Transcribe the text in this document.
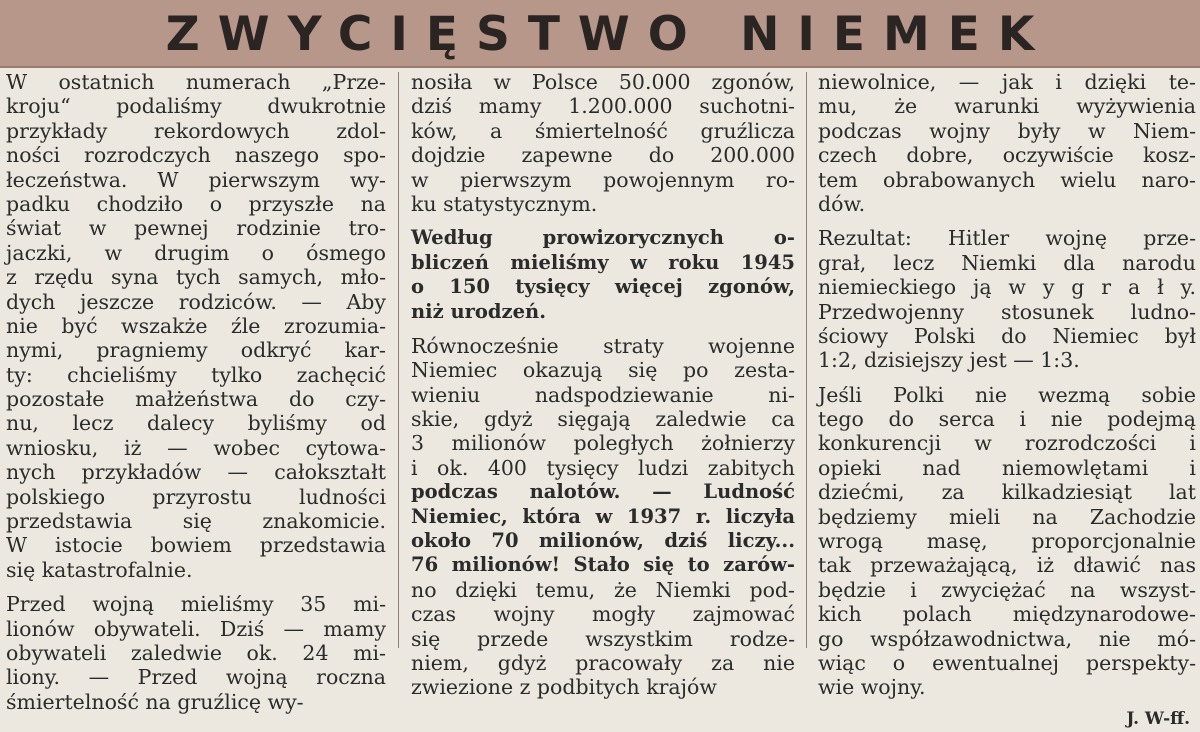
ZWYCIĘSTWO NIEMEK
W ostatnich numerach „Prze-
kroju“ podaliśmy dwukrotnie
przykłady rekordowych zdol-
ności rozrodczych naszego spo-
łeczeństwa. W pierwszym wy-
padku chodziło o przyszłe na
świat w pewnej rodzinie tro-
jaczki, w drugim o ósmego
z rzędu syna tych samych, mło-
dych jeszcze rodziców. — Aby
nie być wszakże źle zrozumia-
nymi, pragniemy odkryć kar-
ty: chcieliśmy tylko zachęcić
pozostałe małżeństwa do czy-
nu, lecz dalecy byliśmy od
wniosku, iż — wobec cytowa-
nych przykładów — całokształt
polskiego przyrostu ludności
przedstawia się znakomicie.
W istocie bowiem przedstawia
się katastrofalnie.
Przed wojną mieliśmy 35 mi-
lionów obywateli. Dziś — mamy
obywateli zaledwie ok. 24 mi-
liony. — Przed wojną roczna
śmiertelność na gruźlicę wy-
nosiła w Polsce 50.000 zgonów,
dziś mamy 1.200.000 suchotni-
ków, a śmiertelność gruźlicza
dojdzie zapewne do 200.000
w pierwszym powojennym ro-
ku statystycznym.
Według prowizorycznych o-
bliczeń mieliśmy w roku 1945
o 150 tysięcy więcej zgonów,
niż urodzeń.
Równocześnie straty wojenne
Niemiec okazują się po zesta-
wieniu nadspodziewanie ni-
skie, gdyż sięgają zaledwie ca
3 milionów poległych żołnierzy
i ok. 400 tysięcy ludzi zabitych
podczas nalotów. — Ludność
Niemiec, która w 1937 r. liczyła
około 70 milionów, dziś liczy...
76 milionów! Stało się to zarów-
no dzięki temu, że Niemki pod-
czas wojny mogły zajmować
się przede wszystkim rodze-
niem, gdyż pracowały za nie
zwiezione z podbitych krajów
niewolnice, — jak i dzięki te-
mu, że warunki wyżywienia
podczas wojny były w Niem-
czech dobre, oczywiście kosz-
tem obrabowanych wielu naro-
dów.
Rezultat: Hitler wojnę prze-
grał, lecz Niemki dla narodu
niemieckiego ją w y g r a ł y.
Przedwojenny stosunek ludno-
ściowy Polski do Niemiec był
1:2, dzisiejszy jest — 1:3.
Jeśli Polki nie wezmą sobie
tego do serca i nie podejmą
konkurencji w rozrodczości i
opieki nad niemowlętami i
dziećmi, za kilkadziesiąt lat
będziemy mieli na Zachodzie
wrogą masę, proporcjonalnie
tak przeważającą, iż dławić nas
będzie i zwyciężać na wszyst-
kich polach międzynarodowe-
go współzawodnictwa, nie mó-
wiąc o ewentualnej perspekty-
wie wojny.
J. W-ff.
